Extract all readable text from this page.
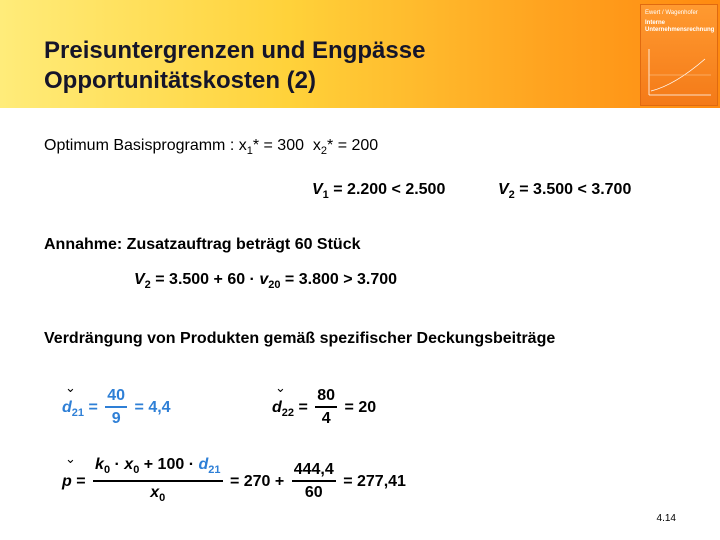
Preisuntergrenzen und Engpässe
Opportunitätskosten (2)
Ewert / Wagenhofer
Interne
Unternehmensrechnung
Optimum Basisprogramm : $x_1* = 300$ $x_2* = 200$
$V_1 = 2.200 < 2.500$	$V_2 = 3.500 < 3.700$
Annahme: Zusatzauftrag beträgt 60 Stück
$V_2 = 3.500 + 60 \cdot v_{20} = 3.800 > 3.700$
Verdrängung von Produkten gemäß spezifischer Deckungsbeiträge
⌄
$d_{21} = \frac{40}{9} = 4,4$
⌄
$d_{22} = \frac{80}{4} = 20$
⌄
$p = \frac{k_0 \cdot x_0 + 100 \cdot d_{21}}{x_0} = 270 + \frac{444,4}{60} = 277,41$
4.14
